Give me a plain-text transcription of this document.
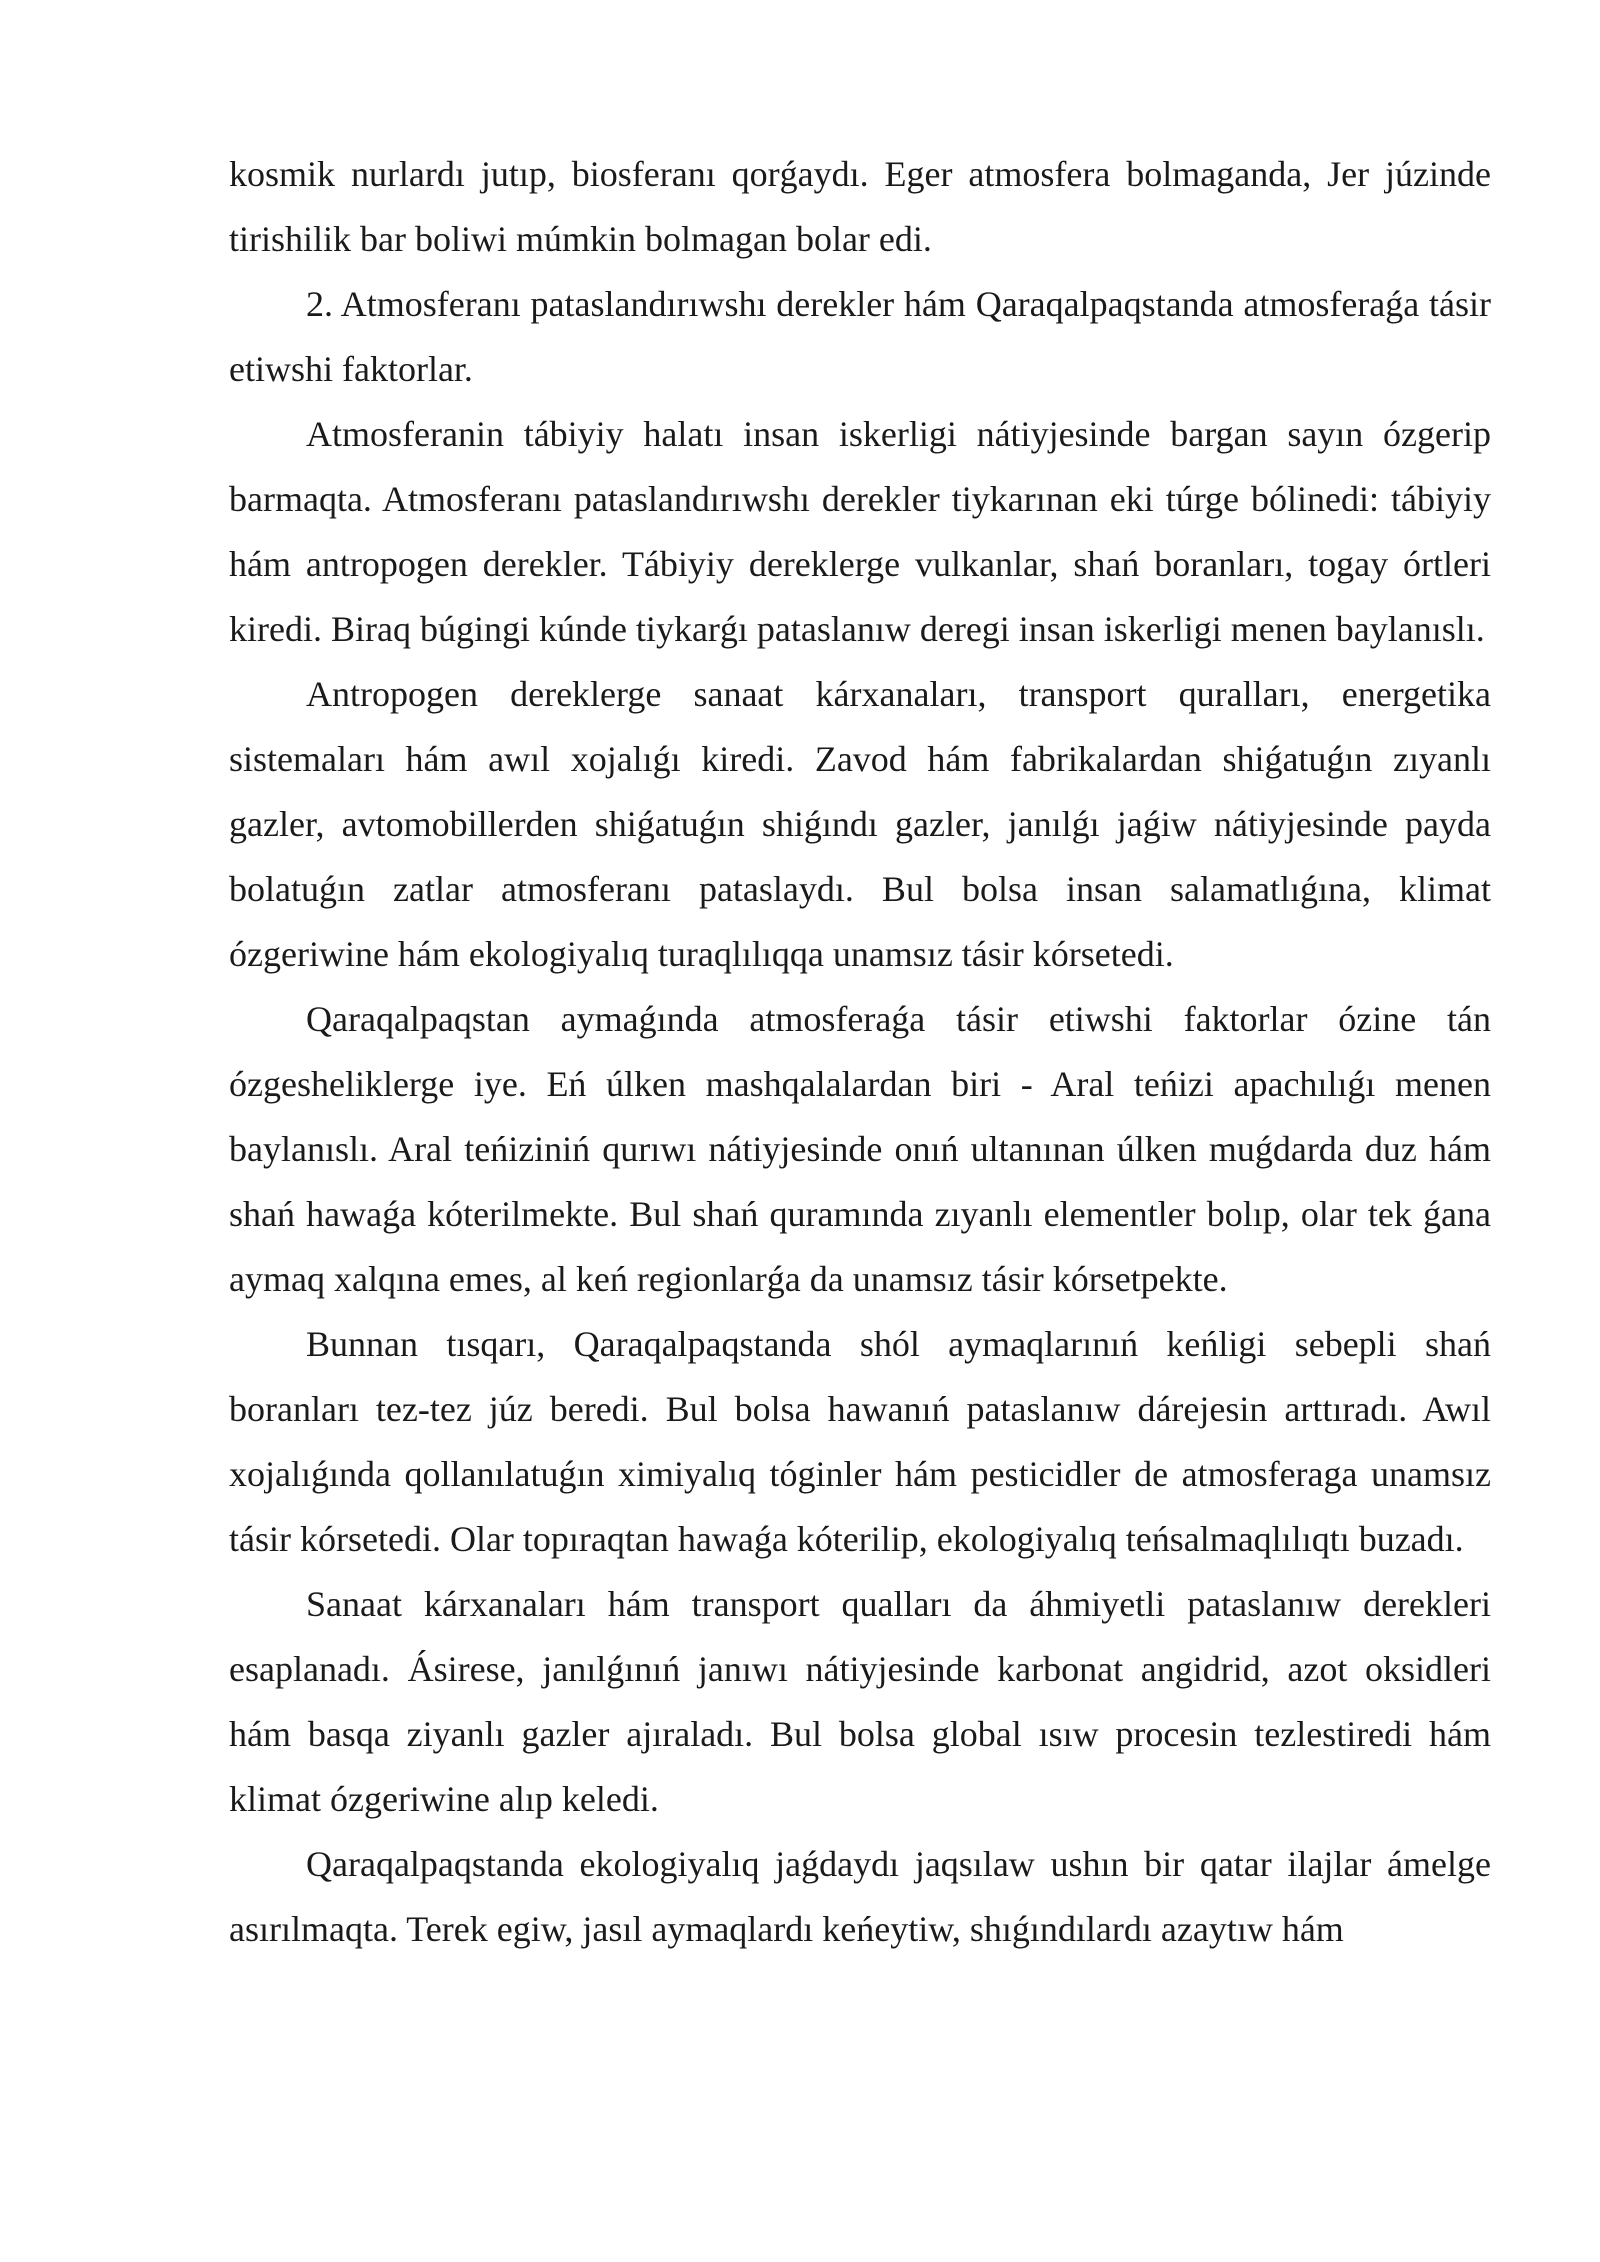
kosmik nurlardı jutıp, biosferanı qorǵaydı. Eger atmosfera bolmaganda, Jer júzinde tirishilik bar boliwi múmkin bolmagan bolar edi.

2. Atmosferanı pataslandırıwshı derekler hám Qaraqalpaqstanda atmosferaǵa tásir etiwshi faktorlar.

Atmosferanin tábiyiy halatı insan iskerligi nátiyjesinde bargan sayın ózgerip barmaqta. Atmosferanı pataslandırıwshı derekler tiykarınan eki túrge bólinedi: tábiyiy hám antropogen derekler. Tábiyiy dereklerge vulkanlar, shań boranları, togay órtleri kiredi. Biraq búgingi kúnde tiykarǵı pataslanıw deregi insan iskerligi menen baylanıslı.

Antropogen dereklerge sanaat kárxanaları, transport quralları, energetika sistemaları hám awıl xojalıǵı kiredi. Zavod hám fabrikalardan shiǵatuǵın zıyanlı gazler, avtomobillerden shiǵatuǵın shiǵındı gazler, janılǵı jaǵiw nátiyjesinde payda bolatuǵın zatlar atmosferanı pataslaydı. Bul bolsa insan salamatlıǵına, klimat ózgeriwine hám ekologiyalıq turaqlılıqqa unamsız tásir kórsetedi.

Qaraqalpaqstan aymaǵında atmosferaǵa tásir etiwshi faktorlar ózine tán ózgesheliklerge iye. Eń úlken mashqalalardan biri - Aral teńizi apachılıǵı menen baylanıslı. Aral teńiziniń qurıwı nátiyjesinde onıń ultanınan úlken muǵdarda duz hám shań hawaǵa kóterilmekte. Bul shań quramında zıyanlı elementler bolıp, olar tek ǵana aymaq xalqına emes, al keń regionlarǵa da unamsız tásir kórsetpekte.

Bunnan tısqarı, Qaraqalpaqstanda shól aymaqlarınıń keńligi sebepli shań boranları tez-tez júz beredi. Bul bolsa hawanıń pataslanıw dárejesin arttıradı. Awıl xojalıǵında qollanılatuǵın ximiyalıq tóginler hám pesticidler de atmosferaga unamsız tásir kórsetedi. Olar topıraqtan hawaǵa kóterilip, ekologiyalıq teńsalmaqlılıqtı buzadı.

Sanaat kárxanaları hám transport qualları da áhmiyetli pataslanıw derekleri esaplanadı. Ásirese, janılǵınıń janıwı nátiyjesinde karbonat angidrid, azot oksidleri hám basqa ziyanlı gazler ajıraladı. Bul bolsa global ısıw procesin tezlestiredi hám klimat ózgeriwine alıp keledi.

Qaraqalpaqstanda ekologiyalıq jaǵdaydı jaqsılaw ushın bir qatar ilajlar ámelge asırılmaqta. Terek egiw, jasıl aymaqlardı keńeytiw, shıǵındılardı azaytıw hám
